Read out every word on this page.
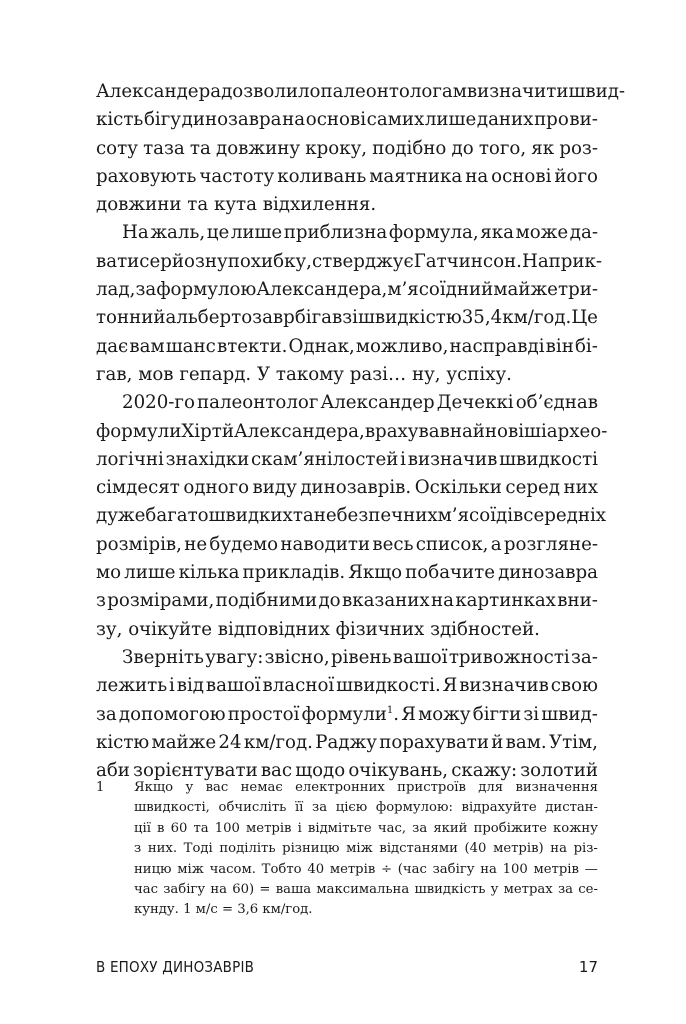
Александера дозволило палеонтологам визначити швид-
кість бігу динозавра на основі самих лише даних про ви-
соту таза та довжину кроку, подібно до того, як роз-
раховують частоту коливань маятника на основі його
довжини та кута відхилення.
На жаль, це лише приблизна формула, яка може да-
вати серйозну похибку, стверджує Гатчинсон. Наприк-
лад, за формулою Александера, м’ясоїдний майже три-
тонний альбертозавр бігав зі швидкістю 35,4 км/год. Це
дає вам шанс втекти. Однак, можливо, насправді він бі-
гав, мов гепард. У такому разі… ну, успіху.
2020-го палеонтолог Александер Дечеккі об’єднав
формули Хірт й Александера, врахував найновіші архео-
логічні знахідки скам’янілостей і визначив швидкості
сімдесят одного виду динозаврів. Оскільки серед них
дуже багато швидких та небезпечних м’ясоїдів середніх
розмірів, не будемо наводити весь список, а розгляне-
мо лише кілька прикладів. Якщо побачите динозавра
з розмірами, подібними до вказаних на картинках вни-
зу, очікуйте відповідних фізичних здібностей.
Зверніть увагу: звісно, рівень вашої тривожності за-
лежить і від вашої власної швидкості. Я визначив свою
за допомогою простої формули$^1$. Я можу бігти зі швид-
кістю майже 24 км/год. Раджу порахувати й вам. Утім,
аби зорієнтувати вас щодо очікувань, скажу: золотий
1 Якщо у вас немає електронних пристроїв для визначення
швидкості, обчисліть її за цією формулою: відрахуйте дистан-
ції в 60 та 100 метрів і відмітьте час, за який пробіжите кожну
з них. Тоді поділіть різницю між відстанями (40 метрів) на різ-
ницю між часом. Тобто 40 метрів ÷ (час забігу на 100 метрів —
час забігу на 60) = ваша максимальна швидкість у метрах за се-
кунду. 1 м/с = 3,6 км/год.
В ЕПОХУ ДИНОЗАВРІВ	17
